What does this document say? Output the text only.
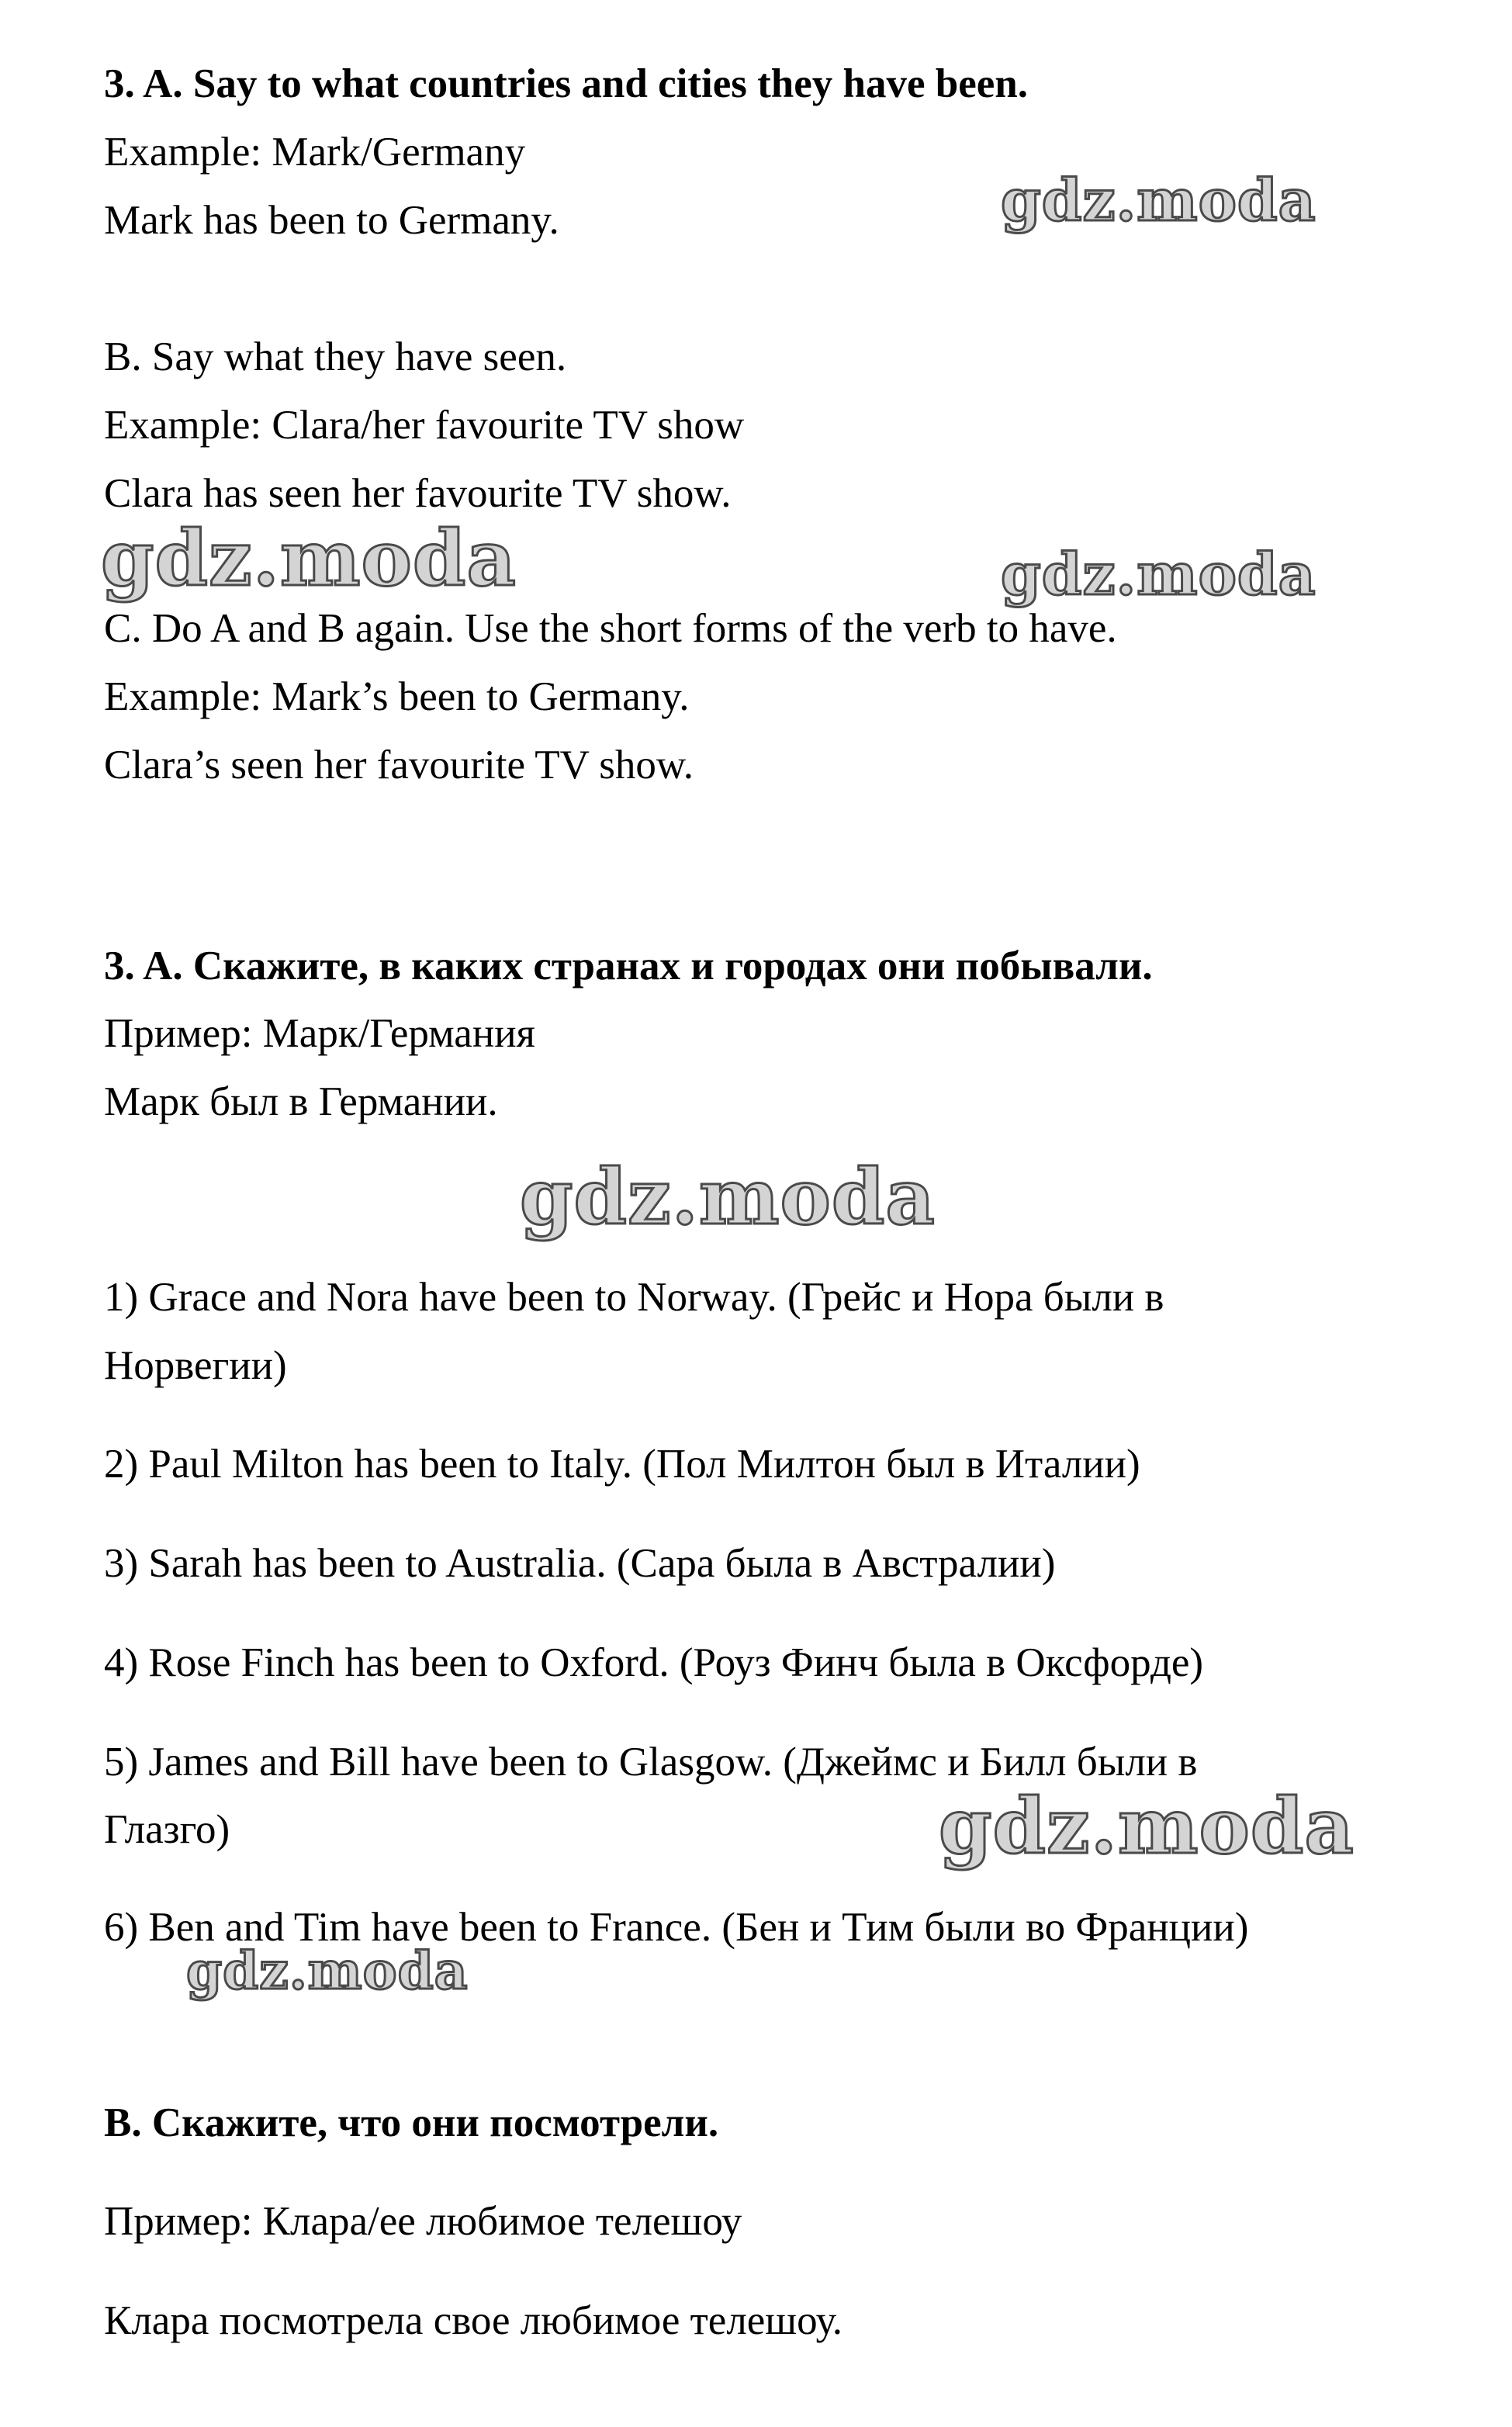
3. A. Say to what countries and cities they have been.
Example: Mark/Germany
Mark has been to Germany.
B. Say what they have seen.
Example: Clara/her favourite TV show
Clara has seen her favourite TV show.
C. Do A and B again. Use the short forms of the verb to have.
Example: Mark’s been to Germany.
Clara’s seen her favourite TV show.
3. A. Скажите, в каких странах и городах они побывали.
Пример: Марк/Германия
Марк был в Германии.
1) Grace and Nora have been to Norway. (Грейс и Нора были в
Норвегии)
2) Paul Milton has been to Italy. (Пол Милтон был в Италии)
3) Sarah has been to Australia. (Сара была в Австралии)
4) Rose Finch has been to Oxford. (Роуз Финч была в Оксфорде)
5) James and Bill have been to Glasgow. (Джеймс и Билл были в
Глазго)
6) Ben and Tim have been to France. (Бен и Тим были во Франции)
B. Скажите, что они посмотрели.
Пример: Клара/ее любимое телешоу
Клара посмотрела свое любимое телешоу.
gdz.moda
gdz.moda	gdz.moda
gdz.moda
gdz.moda
gdz.moda
